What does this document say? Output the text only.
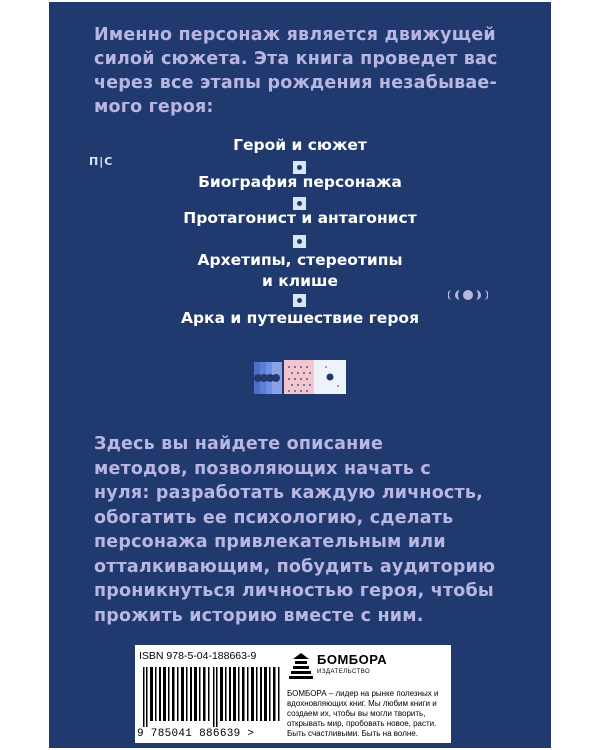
Именно персонаж является движущей
силой сюжета. Эта книга проведет вас
через все этапы рождения незабывае-
мого героя:
П|С
Герой и сюжет
Биография персонажа
Протагонист и антагонист
Архетипы, стереотипы
и клише
Арка и путешествие героя
Здесь вы найдете описание
методов, позволяющих начать с
нуля: разработать каждую личность,
обогатить ее психологию, сделать
персонажа привлекательным или
отталкивающим, побудить аудиторию
проникнуться личностью героя, чтобы
прожить историю вместе с ним.
ISBN 978-5-04-188663-9
9 785041 886639 >
БОМБОРА
ИЗДАТЕЛЬСТВО
БОМБОРА – лидер на рынке полезных и вдохновляющих книг. Мы любим книги и создаем их, чтобы вы могли творить, открывать мир, пробовать новое, расти. Быть счастливыми. Быть на волне.
